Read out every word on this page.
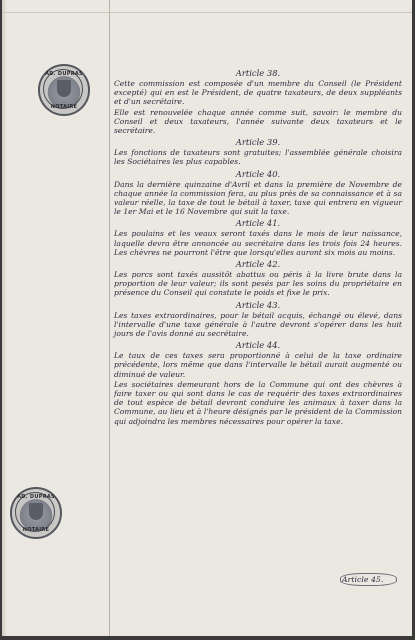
AD. DUPRAS
NOTAIRE
AD. DUPRAS
NOTAIRE
Article 38.

Cette commission est composée d'un membre du Conseil (le Président excepté) qui en est le Président, de quatre taxateurs, de deux suppléants et d'un secrétaire.

Elle est renouvelée chaque année comme suit, savoir: le membre du Conseil et deux taxateurs, l'année suivante deux taxateurs et le secrétaire.

Article 39.

Les fonctions de taxateurs sont gratuites; l'assemblée générale choisira les Sociétaires les plus capables.

Article 40.

Dans la dernière quinzaine d'Avril et dans la première de Novembre de chaque année la commission fera, au plus près de sa connaissance et à sa valeur réelle, la taxe de tout le bétail à taxer, taxe qui entrera en vigueur le 1er Mai et le 16 Novembre qui suit la taxe.

Article 41.

Les poulains et les veaux seront taxés dans le mois de leur naissance, laquelle devra être annoncée au secrétaire dans les trois fois 24 heures. Les chèvres ne pourront l'être que lorsqu'elles auront six mois au moins.

Article 42.

Les porcs sont taxés aussitôt abattus ou péris à la livre brute dans la proportion de leur valeur; ils sont pesés par les soins du propriétaire en présence du Conseil qui constate le poids et fixe le prix.

Article 43.

Les taxes extraordinaires, pour le bétail acquis, échangé ou élevé, dans l'intervalle d'une taxe générale à l'autre devront s'opérer dans les huit jours de l'avis donné au secrétaire.

Article 44.

Le taux de ces taxes sera proportionné à celui de la taxe ordinaire précédente, lors même que dans l'intervalle le bétail aurait augmenté ou diminué de valeur.

Les sociétaires demeurant hors de la Commune qui ont des chèvres à faire taxer ou qui sont dans le cas de requérir des taxes extraordinaires de tout espèce de bétail devront conduire les animaux à taxer dans la Commune, au lieu et à l'heure désignés par le président de la Commission qui adjoindra les membres nécessaires pour opérer la taxe.

Article 45.
